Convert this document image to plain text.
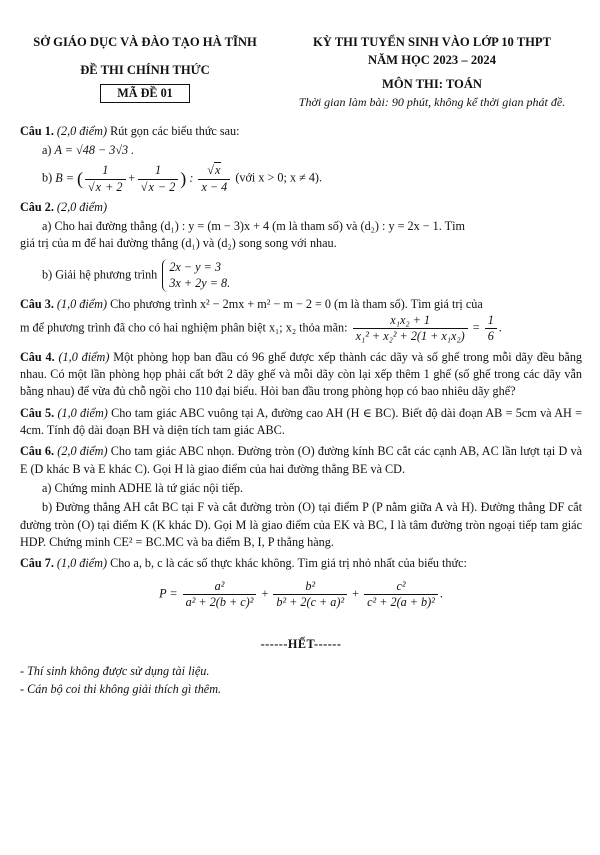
SỞ GIÁO DỤC VÀ ĐÀO TẠO HÀ TĨNH
ĐỀ THI CHÍNH THỨC
MÃ ĐỀ 01
KỲ THI TUYỂN SINH VÀO LỚP 10 THPT
NĂM HỌC 2023 – 2024
MÔN THI: TOÁN
Thời gian làm bài: 90 phút, không kể thời gian phát đề.
Câu 1. (2,0 điểm) Rút gọn các biểu thức sau:
a) A = √48 − 3√3 .
b) B = ( $\frac{1}{√x + 2} + \frac{1}{√x - 2}$ ) : $\frac{√x}{x - 4}$ (với x > 0; x ≠ 4).
Câu 2. (2,0 điểm)
a) Cho hai đường thẳng (d₁) : y = (m − 3)x + 4 (m là tham số) và (d₂) : y = 2x − 1. Tìm
giá trị của m để hai đường thẳng (d₁) và (d₂) song song với nhau.
b) Giải hệ phương trình
2x − y = 3
3x + 2y = 8.
Câu 3. (1,0 điểm) Cho phương trình x² − 2mx + m² − m − 2 = 0 (m là tham số). Tìm giá trị của
m để phương trình đã cho có hai nghiệm phân biệt x₁; x₂ thỏa mãn: $\frac{\text{x₁x₂ + 1}}{\text{x₁² + x₂² + 2(1 + x₁x₂)}} = \frac{1}{6}$ .
Câu 4. (1,0 điểm) Một phòng họp ban đầu có 96 ghế được xếp thành các dãy và số ghế trong mỗi dãy đều bằng nhau. Có một lần phòng họp phải cất bớt 2 dãy ghế và mỗi dãy còn lại xếp thêm 1 ghế (số ghế trong các dãy vẫn bằng nhau) để vừa đủ chỗ ngồi cho 110 đại biểu. Hỏi ban đầu trong phòng họp có bao nhiêu dãy ghế?
Câu 5. (1,0 điểm) Cho tam giác ABC vuông tại A, đường cao AH (H ∈ BC). Biết độ dài đoạn AB = 5cm và AH = 4cm. Tính độ dài đoạn BH và diện tích tam giác ABC.
Câu 6. (2,0 điểm) Cho tam giác ABC nhọn. Đường tròn (O) đường kính BC cắt các cạnh AB, AC lần lượt tại D và E (D khác B và E khác C). Gọi H là giao điểm của hai đường thẳng BE và CD.
a) Chứng minh ADHE là tứ giác nội tiếp.
b) Đường thẳng AH cắt BC tại F và cắt đường tròn (O) tại điểm P (P nằm giữa A và H). Đường thẳng DF cắt đường tròn (O) tại điểm K (K khác D). Gọi M là giao điểm của EK và BC, I là tâm đường tròn ngoại tiếp tam giác HDP. Chứng minh CE² = BC.MC và ba điểm B, I, P thẳng hàng.
Câu 7. (1,0 điểm) Cho a, b, c là các số thực khác không. Tìm giá trị nhỏ nhất của biểu thức:
$P = \frac{\text{a²}}{\text{a² + 2(b + c)²}} + \frac{\text{b²}}{\text{b² + 2(c + a)²}} + \frac{\text{c²}}{\text{c² + 2(a + b)²}}$ .
------HẾT------
- Thí sinh không được sử dụng tài liệu.
- Cán bộ coi thi không giải thích gì thêm.
